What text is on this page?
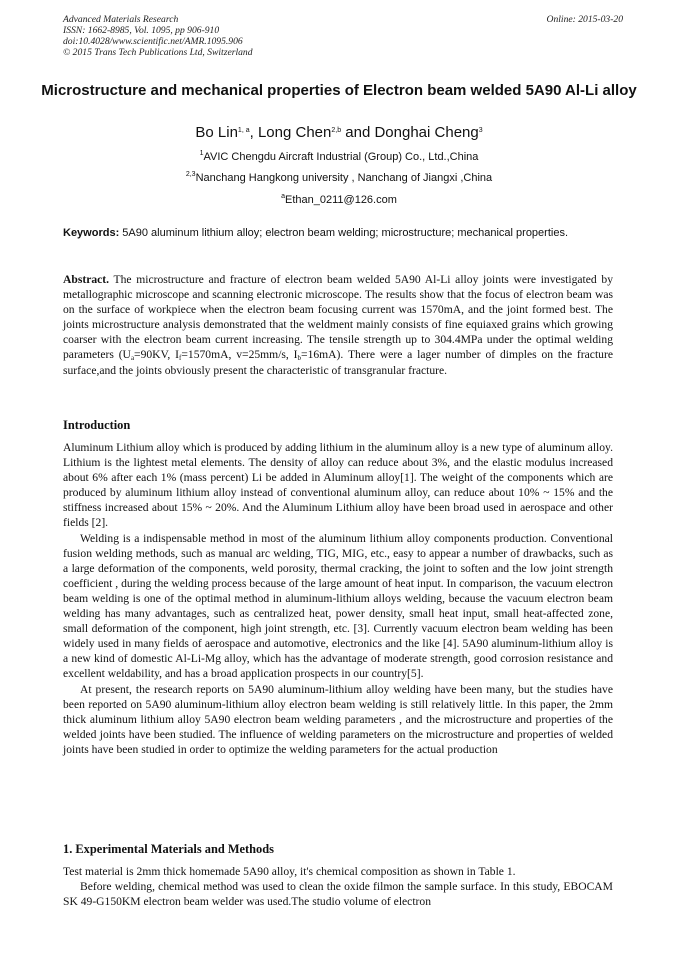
Advanced Materials Research
ISSN: 1662-8985, Vol. 1095, pp 906-910
doi:10.4028/www.scientific.net/AMR.1095.906
© 2015 Trans Tech Publications Ltd, Switzerland
Online: 2015-03-20
Microstructure and mechanical properties of Electron beam welded 5A90 Al-Li alloy
Bo Lin$^{1, a}$, Long Chen$^{2,b}$ and Donghai Cheng$^3$
$^1$AVIC Chengdu Aircraft Industrial (Group) Co., Ltd.,China
$^{2,3}$Nanchang Hangkong university , Nanchang of Jiangxi ,China
$^a$Ethan_0211@126.com
Keywords: 5A90 aluminum lithium alloy; electron beam welding; microstructure; mechanical properties.

Abstract. The microstructure and fracture of electron beam welded 5A90 Al-Li alloy joints were investigated by metallographic microscope and scanning electronic microscope. The results show that the focus of electron beam was on the surface of workpiece when the electron beam focusing current was 1570mA, and the joint formed best. The joints microstructure analysis demonstrated that the weldment mainly consists of fine equiaxed grains which growing coarser with the electron beam current increasing. The tensile strength up to 304.4MPa under the optimal welding parameters ($U_a=90KV$, $I_f=1570mA$, v=25mm/s, $I_b=16mA$). There were a lager number of dimples on the fracture surface,and the joints obviously present the characteristic of transgranular fracture.

Introduction

Aluminum Lithium alloy which is produced by adding lithium in the aluminum alloy is a new type of aluminum alloy. Lithium is the lightest metal elements. The density of alloy can reduce about 3%, and the elastic modulus increased about 6% after each 1% (mass percent) Li be added in Aluminum alloy[1]. The weight of the components which are produced by aluminum lithium alloy instead of conventional aluminum alloy, can reduce about 10% ~ 15% and the stiffness increased about 15% ~ 20%. And the Aluminum Lithium alloy have been broad used in aerospace and other fields [2].

Welding is a indispensable method in most of the aluminum lithium alloy components production. Conventional fusion welding methods, such as manual arc welding, TIG, MIG, etc., easy to appear a number of drawbacks, such as a large deformation of the components, weld porosity, thermal cracking, the joint to soften and the low joint strength coefficient , during the welding process because of the large amount of heat input. In comparison, the vacuum electron beam welding is one of the optimal method in aluminum-lithium alloys welding, because the vacuum electron beam welding has many advantages, such as centralized heat, power density, small heat input, small heat-affected zone, small deformation of the component, high joint strength, etc. [3]. Currently vacuum electron beam welding has been widely used in many fields of aerospace and automotive, electronics and the like [4]. 5A90 aluminum-lithium alloy is a new kind of domestic Al-Li-Mg alloy, which has the advantage of moderate strength, good corrosion resistance and excellent weldability, and has a broad application prospects in our country[5].

At present, the research reports on 5A90 aluminum-lithium alloy welding have been many, but the studies have been reported on 5A90 aluminum-lithium alloy electron beam welding is still relatively little. In this paper, the 2mm thick aluminum lithium alloy 5A90 electron beam welding parameters , and the microstructure and properties of the welded joints have been studied. The influence of welding parameters on the microstructure and properties of welded joints have been studied in order to optimize the welding parameters for the actual production

1. Experimental Materials and Methods

Test material is 2mm thick homemade 5A90 alloy, it's chemical composition as shown in Table 1.

Before welding, chemical method was used to clean the oxide filmon the sample surface. In this study, EBOCAM SK 49-G150KM electron beam welder was used.The studio volume of electron
